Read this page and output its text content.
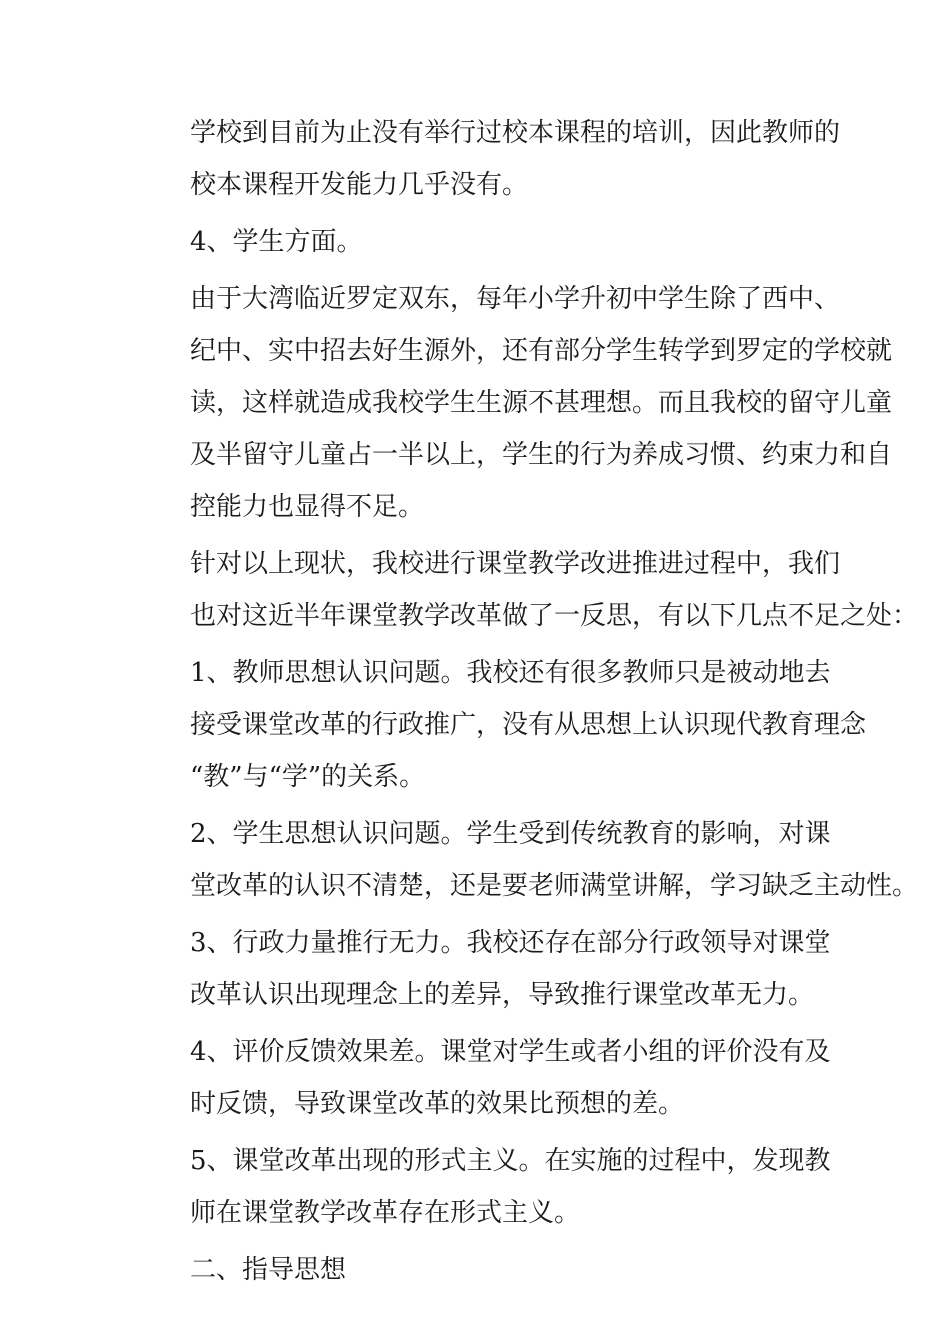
学校到目前为止没有举行过校本课程的培训，因此教师的
校本课程开发能力几乎没有。

4、学生方面。

由于大湾临近罗定双东，每年小学升初中学生除了西中、
纪中、实中招去好生源外，还有部分学生转学到罗定的学校就
读，这样就造成我校学生生源不甚理想。而且我校的留守儿童
及半留守儿童占一半以上，学生的行为养成习惯、约束力和自
控能力也显得不足。

针对以上现状，我校进行课堂教学改进推进过程中，我们
也对这近半年课堂教学改革做了一反思，有以下几点不足之处：

1、教师思想认识问题。我校还有很多教师只是被动地去
接受课堂改革的行政推广，没有从思想上认识现代教育理念
“教”与“学”的关系。

2、学生思想认识问题。学生受到传统教育的影响，对课
堂改革的认识不清楚，还是要老师满堂讲解，学习缺乏主动性。

3、行政力量推行无力。我校还存在部分行政领导对课堂
改革认识出现理念上的差异，导致推行课堂改革无力。

4、评价反馈效果差。课堂对学生或者小组的评价没有及
时反馈，导致课堂改革的效果比预想的差。

5、课堂改革出现的形式主义。在实施的过程中，发现教
师在课堂教学改革存在形式主义。

二、指导思想
